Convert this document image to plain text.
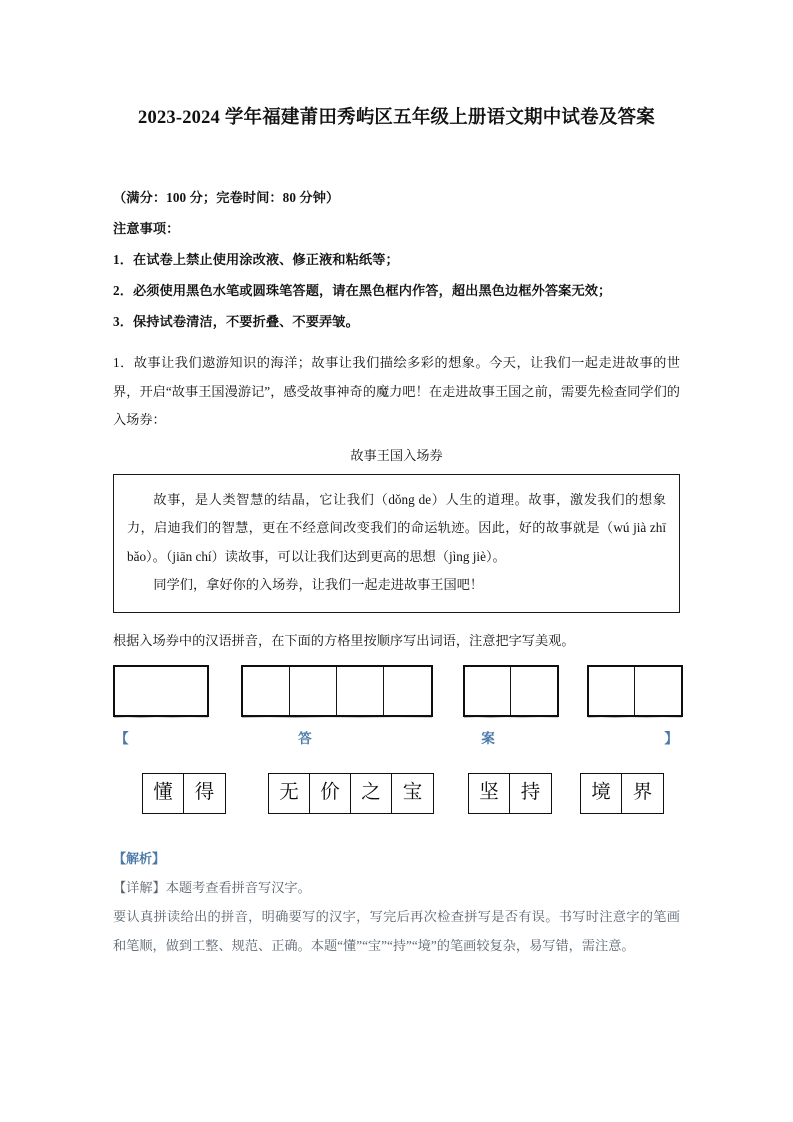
2023-2024 学年福建莆田秀屿区五年级上册语文期中试卷及答案
（满分：100 分；完卷时间：80 分钟）
注意事项：
1．在试卷上禁止使用涂改液、修正液和粘纸等；
2．必须使用黑色水笔或圆珠笔答题，请在黑色框内作答，超出黑色边框外答案无效；
3．保持试卷清洁，不要折叠、不要弄皱。
1．故事让我们遨游知识的海洋；故事让我们描绘多彩的想象。今天，让我们一起走进故事的世界，开启“故事王国漫游记”，感受故事神奇的魔力吧！在走进故事王国之前，需要先检查同学们的入场券：
故事王国入场券
故事，是人类智慧的结晶，它让我们（dǒng de）人生的道理。故事，激发我们的想象力，启迪我们的智慧，更在不经意间改变我们的命运轨迹。因此，好的故事就是（wú jià zhī bǎo）。（jiān chí）读故事，可以让我们达到更高的思想（jìng jiè）。
同学们，拿好你的入场券，让我们一起走进故事王国吧！
根据入场券中的汉语拼音，在下面的方格里按顺序写出词语，注意把字写美观。
【	答	案	】
懂	得	无	价	之	宝	坚	持	境	界
【解析】
【详解】本题考查看拼音写汉字。
要认真拼读给出的拼音，明确要写的汉字，写完后再次检查拼写是否有误。书写时注意字的笔画和笔顺，做到工整、规范、正确。本题“懂”“宝”“持”“境”的笔画较复杂，易写错，需注意。
